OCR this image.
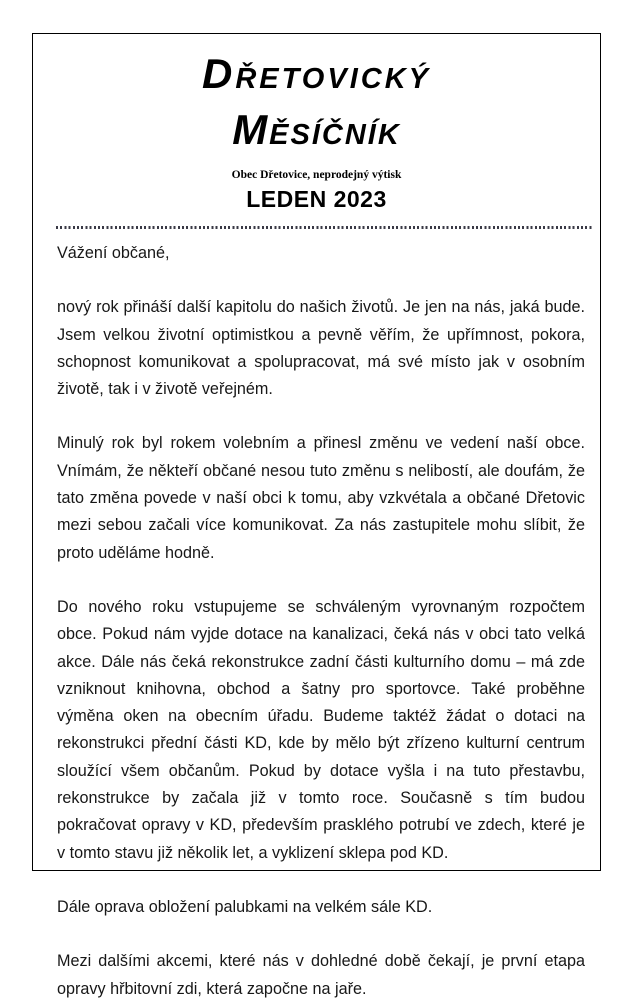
Dřetovický
Měsíčník
Obec Dřetovice, neprodejný výtisk
LEDEN 2023

Vážení občané,

nový rok přináší další kapitolu do našich životů. Je jen na nás, jaká bude. Jsem velkou životní optimistkou a pevně věřím, že upřímnost, pokora, schopnost komunikovat a spolupracovat, má své místo jak v osobním životě, tak i v životě veřejném.

Minulý rok byl rokem volebním a přinesl změnu ve vedení naší obce. Vnímám, že někteří občané nesou tuto změnu s nelibostí, ale doufám, že tato změna povede v naší obci k tomu, aby vzkvétala a občané Dřetovic mezi sebou začali více komunikovat. Za nás zastupitele mohu slíbit, že proto uděláme hodně.

Do nového roku vstupujeme se schváleným vyrovnaným rozpočtem obce. Pokud nám vyjde dotace na kanalizaci, čeká nás v obci tato velká akce. Dále nás čeká rekonstrukce zadní části kulturního domu – má zde vzniknout knihovna, obchod a šatny pro sportovce. Také proběhne výměna oken na obecním úřadu. Budeme taktéž žádat o dotaci na rekonstrukci přední části KD, kde by mělo být zřízeno kulturní centrum sloužící všem občanům. Pokud by dotace vyšla i na tuto přestavbu, rekonstrukce by začala již v tomto roce. Současně s tím budou pokračovat opravy v KD, především prasklého potrubí ve zdech, které je v tomto stavu již několik let, a vyklizení sklepa pod KD.

Dále oprava obložení palubkami na velkém sále KD.

Mezi dalšími akcemi, které nás v dohledné době čekají, je první etapa opravy hřbitovní zdi, která započne na jaře.
